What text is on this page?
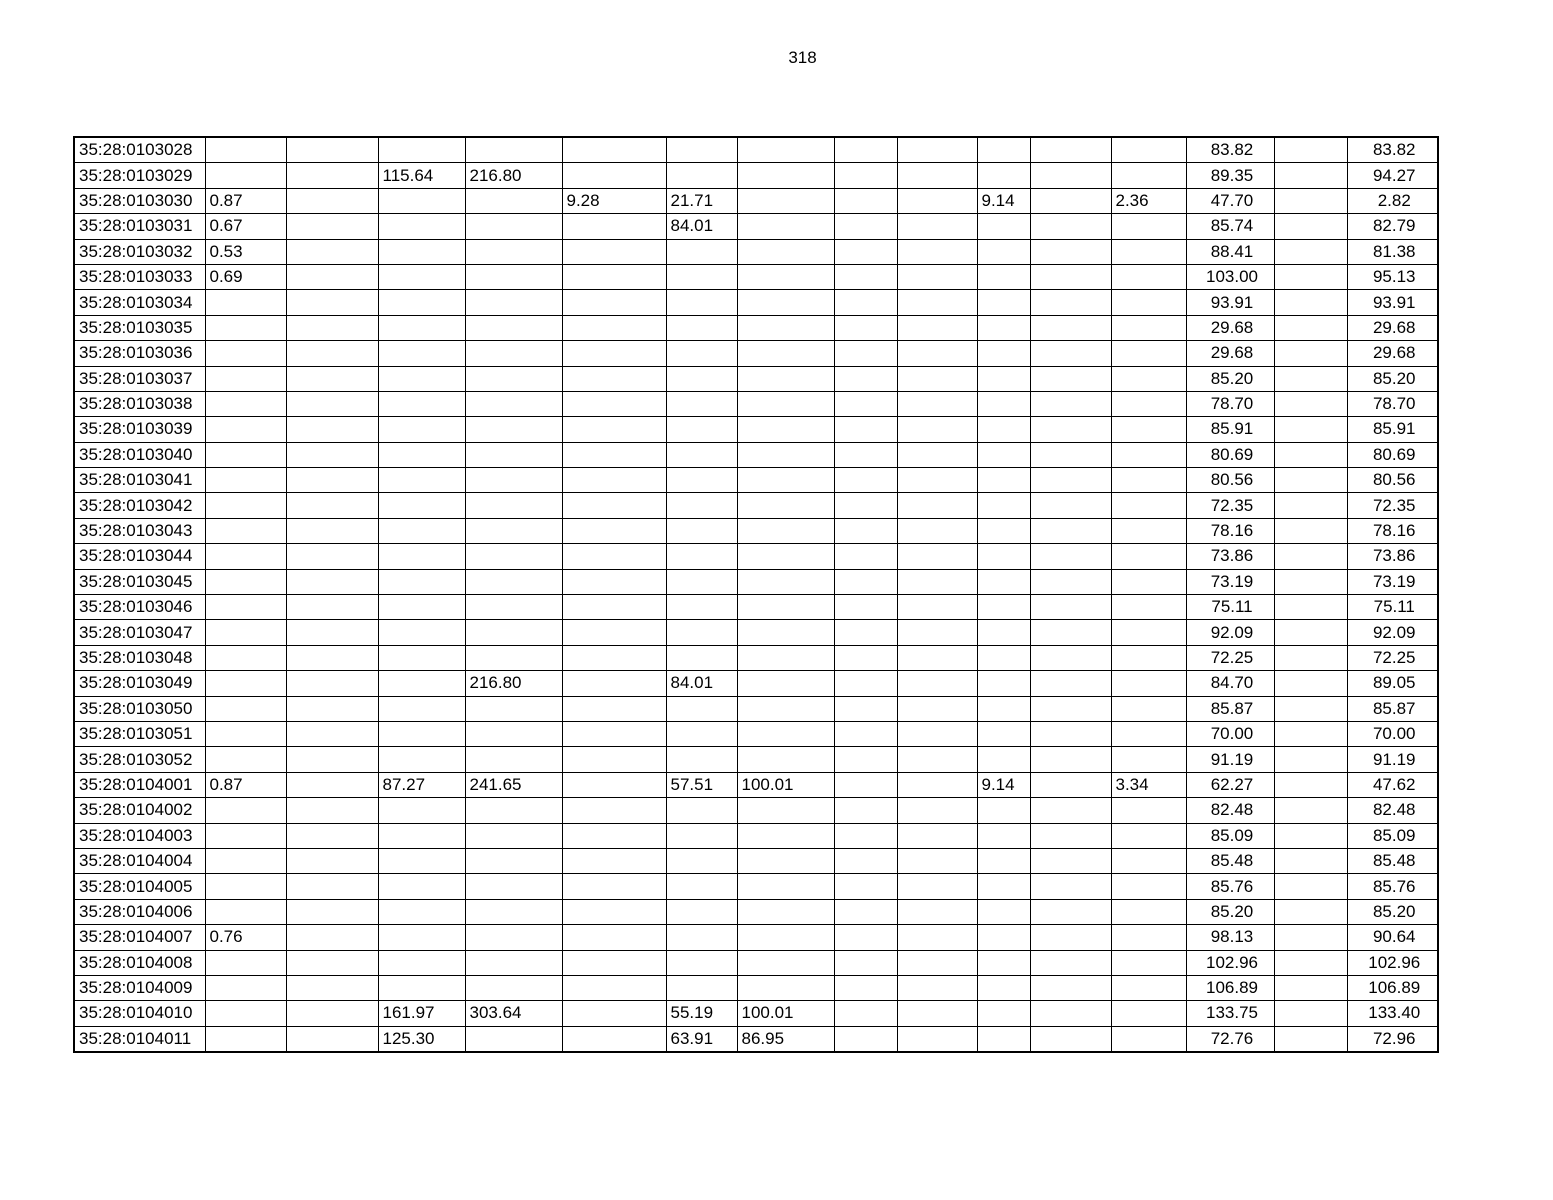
318
35:28:0103028													83.82		83.82
35:28:0103029			115.64	216.80									89.35		94.27
35:28:0103030	0.87				9.28	21.71				9.14		2.36	47.70		2.82
35:28:0103031	0.67					84.01							85.74		82.79
35:28:0103032	0.53												88.41		81.38
35:28:0103033	0.69												103.00		95.13
35:28:0103034													93.91		93.91
35:28:0103035													29.68		29.68
35:28:0103036													29.68		29.68
35:28:0103037													85.20		85.20
35:28:0103038													78.70		78.70
35:28:0103039													85.91		85.91
35:28:0103040													80.69		80.69
35:28:0103041													80.56		80.56
35:28:0103042													72.35		72.35
35:28:0103043													78.16		78.16
35:28:0103044													73.86		73.86
35:28:0103045													73.19		73.19
35:28:0103046													75.11		75.11
35:28:0103047													92.09		92.09
35:28:0103048													72.25		72.25
35:28:0103049				216.80		84.01							84.70		89.05
35:28:0103050													85.87		85.87
35:28:0103051													70.00		70.00
35:28:0103052													91.19		91.19
35:28:0104001	0.87		87.27	241.65		57.51	100.01			9.14		3.34	62.27		47.62
35:28:0104002													82.48		82.48
35:28:0104003													85.09		85.09
35:28:0104004													85.48		85.48
35:28:0104005													85.76		85.76
35:28:0104006													85.20		85.20
35:28:0104007	0.76												98.13		90.64
35:28:0104008													102.96		102.96
35:28:0104009													106.89		106.89
35:28:0104010			161.97	303.64		55.19	100.01						133.75		133.40
35:28:0104011			125.30			63.91	86.95						72.76		72.96
